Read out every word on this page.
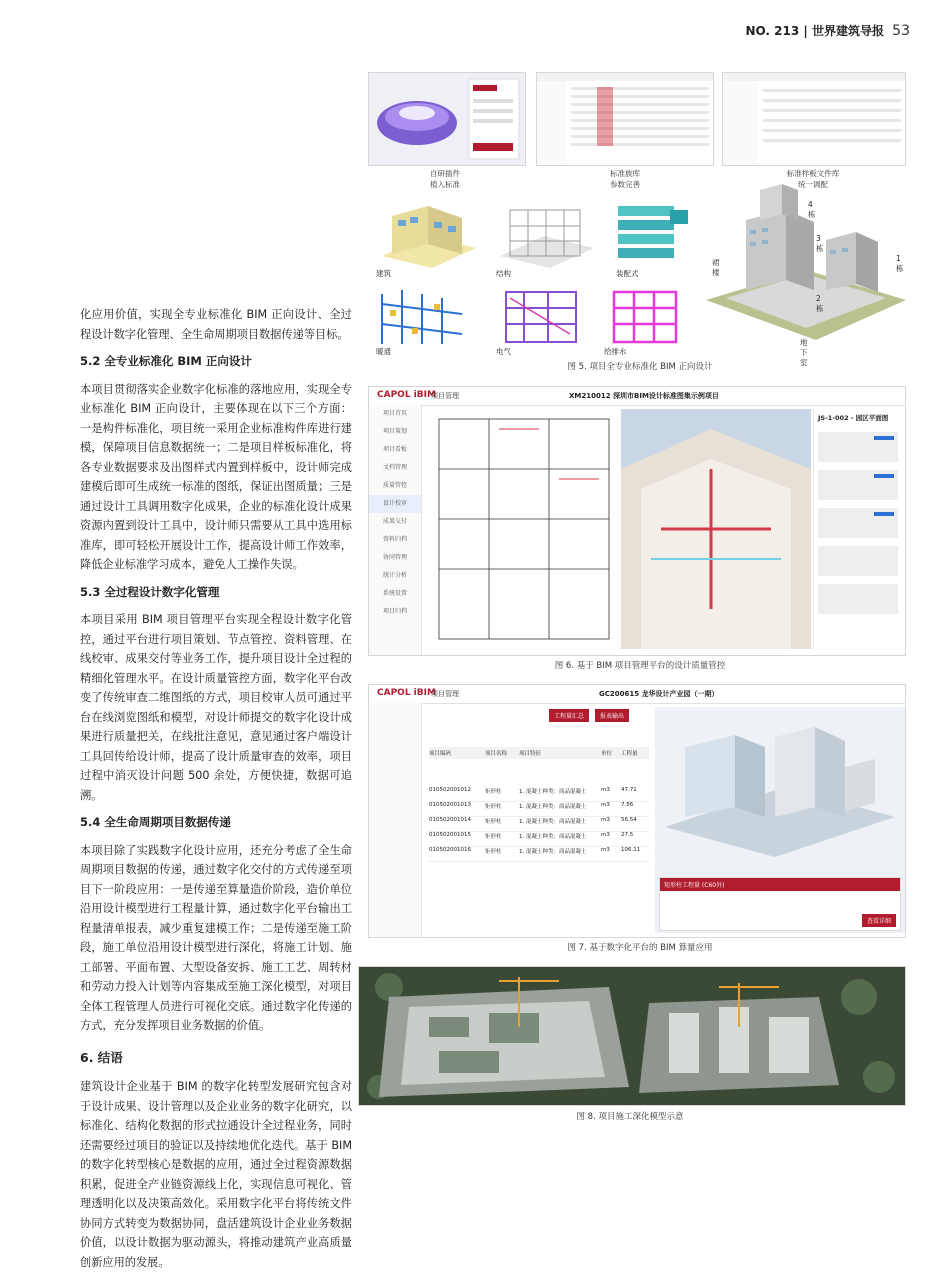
NO. 213 | 世界建筑导报 53

化应用价值，实现全专业标准化 BIM 正向设计、全过程设计数字化管理、全生命周期项目数据传递等目标。

5.2 全专业标准化 BIM 正向设计

本项目贯彻落实企业数字化标准的落地应用，实现全专业标准化 BIM 正向设计，主要体现在以下三个方面：一是构件标准化，项目统一采用企业标准构件库进行建模，保障项目信息数据统一；二是项目样板标准化，将各专业数据要求及出图样式内置到样板中，设计师完成建模后即可生成统一标准的图纸，保证出图质量；三是通过设计工具调用数字化成果，企业的标准化设计成果资源内置到设计工具中，设计师只需要从工具中选用标准库，即可轻松开展设计工作，提高设计师工作效率，降低企业标准学习成本，避免人工操作失误。

5.3 全过程设计数字化管理

本项目采用 BIM 项目管理平台实现全程设计数字化管控，通过平台进行项目策划、节点管控、资料管理、在线校审、成果交付等业务工作，提升项目设计全过程的精细化管理水平。在设计质量管控方面，数字化平台改变了传统审查二维图纸的方式，项目校审人员可通过平台在线浏览图纸和模型，对设计师提交的数字化设计成果进行质量把关，在线批注意见，意见通过客户端设计工具回传给设计师，提高了设计质量审查的效率，项目过程中消灭设计问题 500 余处，方便快捷，数据可追溯。

5.4 全生命周期项目数据传递

本项目除了实践数字化设计应用，还充分考虑了全生命周期项目数据的传递，通过数字化交付的方式传递至项目下一阶段应用：一是传递至算量造价阶段，造价单位沿用设计模型进行工程量计算，通过数字化平台输出工程量清单报表，减少重复建模工作；二是传递至施工阶段，施工单位沿用设计模型进行深化，将施工计划、施工部署、平面布置、大型设备安拆、施工工艺、周转材和劳动力投入计划等内容集成至施工深化模型，对项目全体工程管理人员进行可视化交底。通过数字化传递的方式，充分发挥项目业务数据的价值。

6. 结语

建筑设计企业基于 BIM 的数字化转型发展研究包含对于设计成果、设计管理以及企业业务的数字化研究，以标准化、结构化数据的形式拉通设计全过程业务，同时还需要经过项目的验证以及持续地优化迭代。基于 BIM 的数字化转型核心是数据的应用，通过全过程资源数据积累，促进全产业链资源线上化，实现信息可视化、管理透明化以及决策高效化。采用数字化平台将传统文件协同方式转变为数据协同，盘活建筑设计企业业务数据价值，以设计数据为驱动源头，将推动建筑产业高质量创新应用的发展。

自研插件
植入标准
标准族库
参数完善
标准样板文件库
统一调配
建筑	结构	装配式
暖通	电气	给排水
4
栋
3
栋
1
栋
2
栋
裙
楼
地
下
室
图 5. 项目全专业标准化 BIM 正向设计
CAPOL iBIM
项目管理	XM210012 深圳市BIM设计标准图集示例项目
项目首页
项目策划
项目看板
文档管理
质量管控
设计校审
成果交付
资料归档
协同管理
统计分析
系统设置
项目归档
JS-1-002 - 园区平面图
图 6. 基于 BIM 项目管理平台的设计质量管控
CAPOL iBIM
项目管理	GC200615 龙华设计产业园（一期）
工程量汇总	报表输出
项目编码	项目名称	项目特征	单位	工程量
010502001012	矩形柱	1. 混凝土种类：商品混凝土	m3	47.71
010502001013	矩形柱	1. 混凝土种类：商品混凝土	m3	7.56
010502001014	矩形柱	1. 混凝土种类：商品混凝土	m3	56.54
010502001015	矩形柱	1. 混凝土种类：商品混凝土	m3	27.5
010502001016	矩形柱	1. 混凝土种类：商品混凝土	m3	106.11
矩形柱工程量 (C60外)
查看详细
图 7. 基于数字化平台的 BIM 算量应用
图 8. 项目施工深化模型示意
